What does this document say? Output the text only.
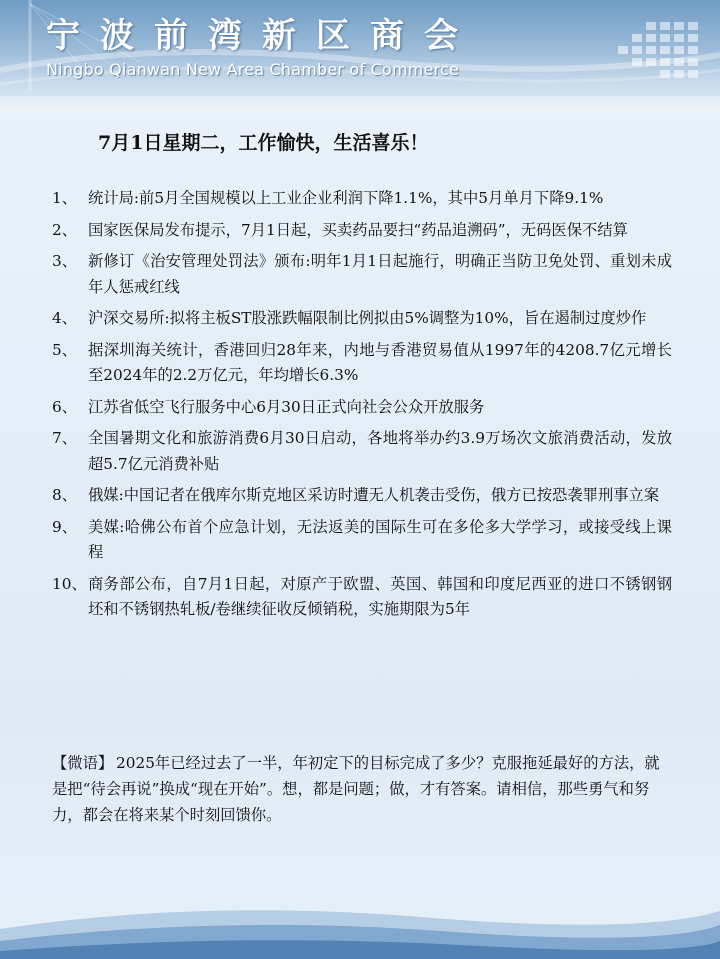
宁波前湾新区商会
Ningbo Qianwan New Area Chamber of Commerce
7月1日星期二，工作愉快，生活喜乐！
1、 统计局:前5月全国规模以上工业企业利润下降1.1%，其中5月单月下降9.1%
2、 国家医保局发布提示，7月1日起，买卖药品要扫“药品追溯码”，无码医保不结算
3、 新修订《治安管理处罚法》颁布:明年1月1日起施行，明确正当防卫免处罚、重划未成年人惩戒红线
4、 沪深交易所:拟将主板ST股涨跌幅限制比例拟由5%调整为10%，旨在遏制过度炒作
5、 据深圳海关统计，香港回归28年来，内地与香港贸易值从1997年的4208.7亿元增长至2024年的2.2万亿元，年均增长6.3%
6、 江苏省低空飞行服务中心6月30日正式向社会公众开放服务
7、 全国暑期文化和旅游消费6月30日启动，各地将举办约3.9万场次文旅消费活动，发放超5.7亿元消费补贴
8、 俄媒:中国记者在俄库尔斯克地区采访时遭无人机袭击受伤，俄方已按恐袭罪刑事立案
9、 美媒:哈佛公布首个应急计划，无法返美的国际生可在多伦多大学学习，或接受线上课程
10、 商务部公布，自7月1日起，对原产于欧盟、英国、韩国和印度尼西亚的进口不锈钢钢坯和不锈钢热轧板/卷继续征收反倾销税，实施期限为5年
【微语】 2025年已经过去了一半，年初定下的目标完成了多少？克服拖延最好的方法，就是把“待会再说”换成“现在开始”。想，都是问题；做，才有答案。请相信，那些勇气和努力，都会在将来某个时刻回馈你。
